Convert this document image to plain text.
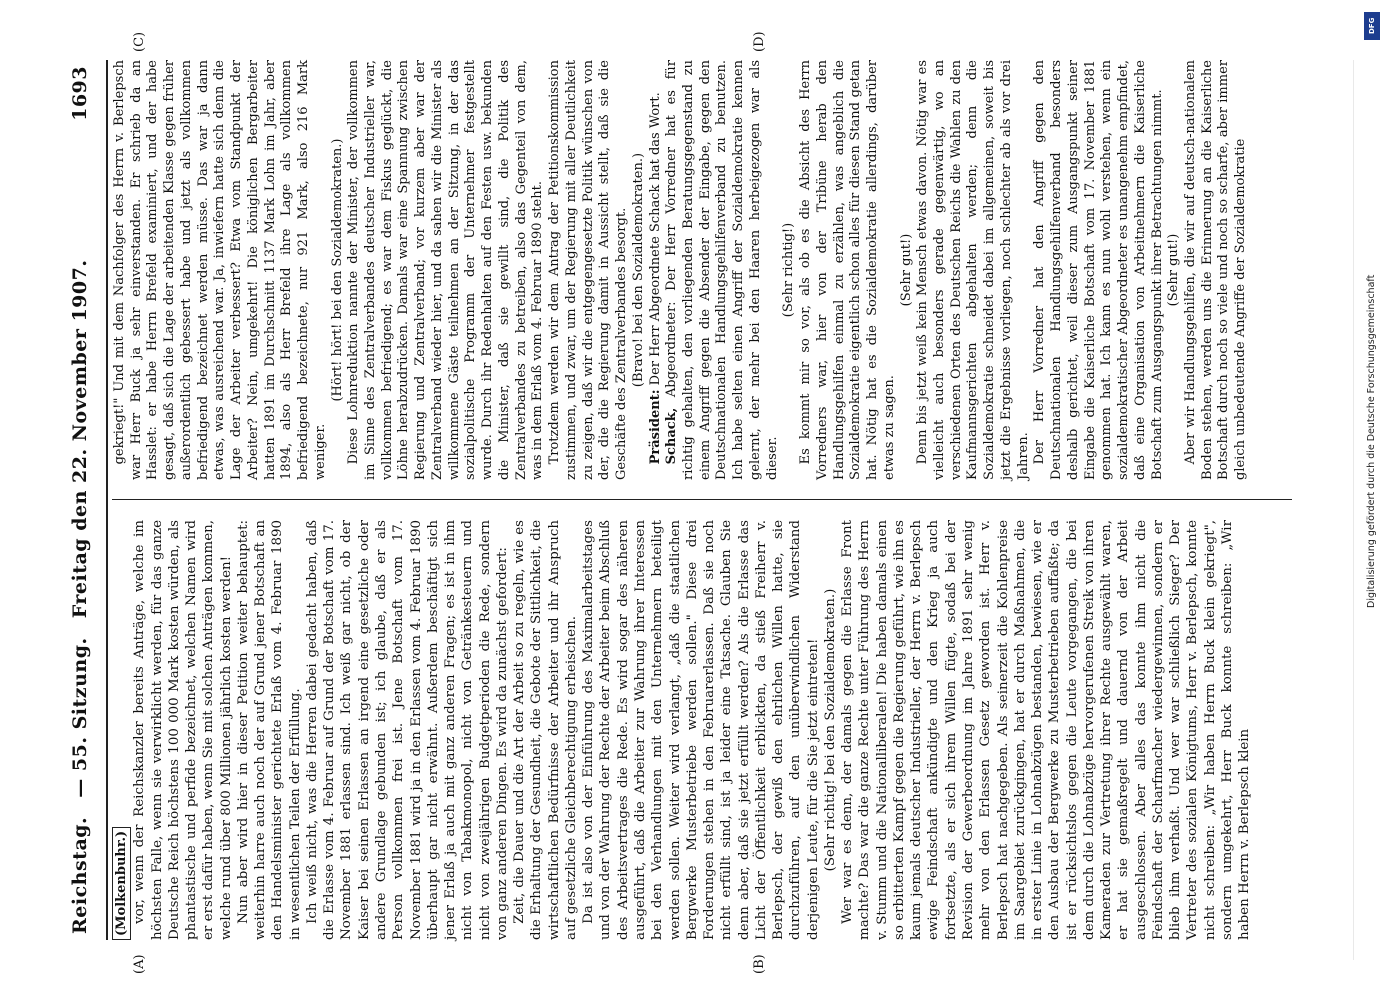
Reichstag. — 55. Sitzung. Freitag den 22. November 1907.
1693
(A)	(B)
(C)	(D)

(Molkenbuhr.) vor, wenn der Reichskanzler bereits Anträge, welche im höchsten Falle, wenn sie verwirklicht werden, für das ganze Deutsche Reich höchstens 100 000 Mark kosten würden, als phantastische und perfide bezeichnet, welchen Namen wird er erst dafür haben, wenn Sie mit solchen Anträgen kommen, welche rund über 800 Millionen jährlich kosten werden! Nun aber wird hier in dieser Petition weiter behauptet: weiterhin harre auch noch der auf Grund jener Botschaft an den Handelsminister gerichtete Erlaß vom 4. Februar 1890 in wesentlichen Teilen der Erfüllung. Ich weiß nicht, was die Herren dabei gedacht haben, daß die Erlasse vom 4. Februar auf Grund der Botschaft vom 17. November 1881 erlassen sind. Ich weiß gar nicht, ob der Kaiser bei seinen Erlassen an irgend eine gesetzliche oder andere Grundlage gebunden ist; ich glaube, daß er als Person vollkommen frei ist. Jene Botschaft vom 17. November 1881 wird ja in den Erlassen vom 4. Februar 1890 überhaupt gar nicht erwähnt. Außerdem beschäftigt sich jener Erlaß ja auch mit ganz anderen Fragen; es ist in ihm nicht von Tabakmonopol, nicht von Getränkesteuern und nicht von zweijährigen Budgetperioden die Rede, sondern von ganz anderen Dingen. Es wird da zunächst gefordert: Zeit, die Dauer und die Art der Arbeit so zu regeln, wie es die Erhaltung der Gesundheit, die Gebote der Sittlichkeit, die wirtschaftlichen Bedürfnisse der Arbeiter und ihr Anspruch auf gesetzliche Gleichberechtigung erheischen. Da ist also von der Einführung des Maximalarbeitstages und von der Wahrung der Rechte der Arbeiter beim Abschluß des Arbeitsvertrages die Rede. Es wird sogar des näheren ausgeführt, daß die Arbeiter zur Wahrung ihrer Interessen bei den Verhandlungen mit den Unternehmern beteiligt werden sollen. Weiter wird verlangt, „daß die staatlichen Bergwerke Musterbetriebe werden sollen." Diese drei Forderungen stehen in den Februarerlassen. Daß sie noch nicht erfüllt sind, ist ja leider eine Tatsache. Glauben Sie denn aber, daß sie jetzt erfüllt werden? Als die Erlasse das Licht der Öffentlichkeit erblickten, da stieß Freiherr v. Berlepsch, der gewiß den ehrlichen Willen hatte, sie durchzuführen, auf den unüberwindlichen Widerstand derjenigen Leute, für die Sie jetzt eintreten! (Sehr richtig! bei den Sozialdemokraten.) Wer war es denn, der damals gegen die Erlasse Front machte? Das war die ganze Rechte unter Führung des Herrn v. Stumm und die Nationalliberalen! Die haben damals einen so erbitterten Kampf gegen die Regierung geführt, wie ihn es kaum jemals deutscher Industrieller, der Herrn v. Berlepsch ewige Feindschaft ankündigte und den Krieg ja auch fortsetzte, als er sich ihrem Willen fügte, sodaß bei der Revision der Gewerbeordnung im Jahre 1891 sehr wenig mehr von den Erlassen Gesetz geworden ist. Herr v. Berlepsch hat nachgegeben. Als seinerzeit die Kohlenpreise im Saargebiet zurückgingen, hat er durch Maßnahmen, die in erster Linie in Lohnabzügen bestanden, bewiesen, wie er den Ausbau der Bergwerke zu Musterbetrieben auffaßte; da ist er rücksichtslos gegen die Leute vorgegangen, die bei dem durch die Lohnabzüge hervorgerufenen Streik von ihren Kameraden zur Vertretung ihrer Rechte ausgewählt waren, er hat sie gemaßregelt und dauernd von der Arbeit ausgeschlossen. Aber alles das konnte ihm nicht die Feindschaft der Scharfmacher wiedergewinnen, sondern er blieb ihm verhaßt. Und wer war schließlich Sieger? Der Vertreter des sozialen Königtums, Herr v. Berlepsch, konnte nicht schreiben: „Wir haben Herrn Buck klein gekriegt", sondern umgekehrt, Herr Buck konnte schreiben: „Wir haben Herrn v. Berlepsch klein

gekriegt!" Und mit dem Nachfolger des Herrn v. Berlepsch war Herr Buck ja sehr einverstanden. Er schrieb da an Hasslet: er habe Herrn Brefeld examiniert, und der habe gesagt, daß sich die Lage der arbeitenden Klasse gegen früher außerordentlich gebessert habe und jetzt als vollkommen befriedigend bezeichnet werden müsse. Das war ja dann etwas, was ausreichend war. Ja, inwiefern hatte sich denn die Lage der Arbeiter verbessert? Etwa vom Standpunkt der Arbeiter? Nein, umgekehrt! Die königlichen Bergarbeiter hatten 1891 im Durchschnitt 1137 Mark Lohn im Jahr, aber 1894, also als Herr Brefeld ihre Lage als vollkommen befriedigend bezeichnete, nur 921 Mark, also 216 Mark weniger.

(Hört! hört! bei den Sozialdemokraten.) Diese Lohnreduktion nannte der Minister, der vollkommen im Sinne des Zentralverbandes deutscher Industrieller war, vollkommen befriedigend; es war dem Fiskus geglückt, die Löhne herabzudrücken. Damals war eine Spannung zwischen Regierung und Zentralverband; vor kurzem aber war der Zentralverband wieder hier, und da sahen wir die Minister als willkommene Gäste teilnehmen an der Sitzung, in der das sozialpolitische Programm der Unternehmer festgestellt wurde. Durch ihr Redenhalten auf den Festen usw. bekunden die Minister, daß sie gewillt sind, die Politik des Zentralverbandes zu betreiben, also das Gegenteil von dem, was in dem Erlaß vom 4. Februar 1890 steht. Trotzdem werden wir dem Antrag der Petitionskommission zustimmen, und zwar, um der Regierung mit aller Deutlichkeit zu zeigen, daß wir die entgegengesetzte Politik wünschen von der, die die Regierung damit in Aussicht stellt, daß sie die Geschäfte des Zentralverbandes besorgt. (Bravo! bei den Sozialdemokraten.)

Präsident: Der Herr Abgeordnete Schack hat das Wort.

Schack, Abgeordneter: Der Herr Vorredner hat es für richtig gehalten, den vorliegenden Beratungsgegenstand zu einem Angriff gegen die Absender der Eingabe, gegen den Deutschnationalen Handlungsgehilfenverband zu benutzen. Ich habe selten einen Angriff der Sozialdemokratie kennen gelernt, der mehr bei den Haaren herbeigezogen war als dieser.

(Sehr richtig!) Es kommt mir so vor, als ob es die Absicht des Herrn Vorredners war, hier von der Tribüne herab den Handlungsgehilfen einmal zu erzählen, was angeblich die Sozialdemokratie eigentlich schon alles für diesen Stand getan hat. Nötig hat es die Sozialdemokratie allerdings, darüber etwas zu sagen.

(Sehr gut!) Denn bis jetzt weiß kein Mensch etwas davon. Nötig war es vielleicht auch besonders gerade gegenwärtig, wo an verschiedenen Orten des Deutschen Reichs die Wahlen zu den Kaufmannsgerichten abgehalten werden; denn die Sozialdemokratie schneidet dabei im allgemeinen, soweit bis jetzt die Ergebnisse vorliegen, noch schlechter ab als vor drei Jahren. Der Herr Vorredner hat den Angriff gegen den Deutschnationalen Handlungsgehilfenverband besonders deshalb gerichtet, weil dieser zum Ausgangspunkt seiner Eingabe die Kaiserliche Botschaft vom 17. November 1881 genommen hat. Ich kann es nun wohl verstehen, wenn ein sozialdemokratischer Abgeordneter es unangenehm empfindet, daß eine Organisation von Arbeitnehmern die Kaiserliche Botschaft zum Ausgangspunkt ihrer Betrachtungen nimmt. (Sehr gut!) Aber wir Handlungsgehilfen, die wir auf deutsch-nationalem Boden stehen, werden uns die Erinnerung an die Kaiserliche Botschaft durch noch so viele und noch so scharfe, aber immer gleich unbedeutende Angriffe der Sozialdemokratie

DFG
Digitalisierung gefördert durch die Deutsche Forschungsgemeinschaft
